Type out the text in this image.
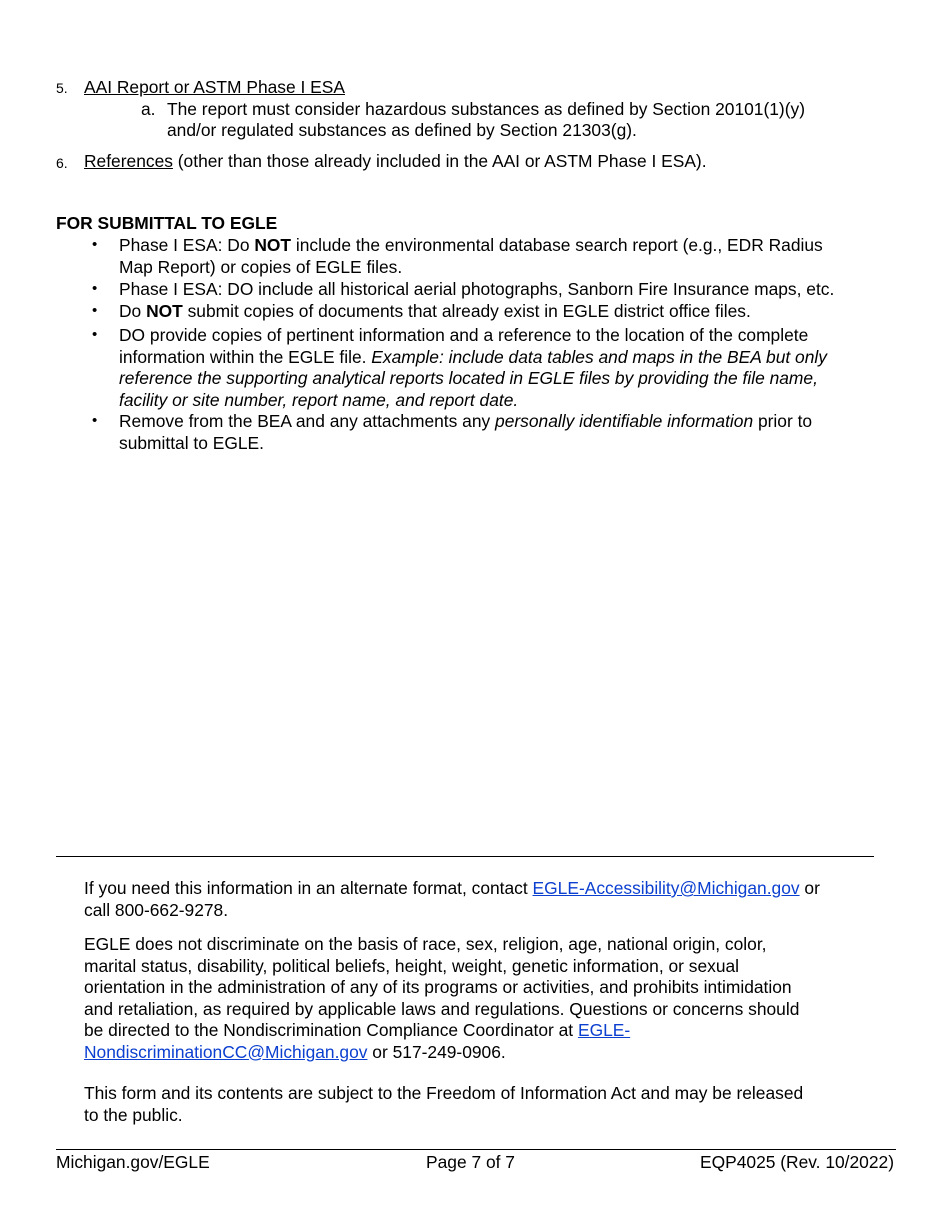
5. AAI Report or ASTM Phase I ESA
a. The report must consider hazardous substances as defined by Section 20101(1)(y)
and/or regulated substances as defined by Section 21303(g).
6. References (other than those already included in the AAI or ASTM Phase I ESA).
FOR SUBMITTAL TO EGLE
• Phase I ESA: Do NOT include the environmental database search report (e.g., EDR Radius
Map Report) or copies of EGLE files.
• Phase I ESA: DO include all historical aerial photographs, Sanborn Fire Insurance maps, etc.
• Do NOT submit copies of documents that already exist in EGLE district office files.
• DO provide copies of pertinent information and a reference to the location of the complete
information within the EGLE file. Example: include data tables and maps in the BEA but only
reference the supporting analytical reports located in EGLE files by providing the file name,
facility or site number, report name, and report date.
• Remove from the BEA and any attachments any personally identifiable information prior to
submittal to EGLE.
If you need this information in an alternate format, contact EGLE-Accessibility@Michigan.gov or
call 800-662-9278.
EGLE does not discriminate on the basis of race, sex, religion, age, national origin, color,
marital status, disability, political beliefs, height, weight, genetic information, or sexual
orientation in the administration of any of its programs or activities, and prohibits intimidation
and retaliation, as required by applicable laws and regulations. Questions or concerns should
be directed to the Nondiscrimination Compliance Coordinator at EGLE-
NondiscriminationCC@Michigan.gov or 517-249-0906.
This form and its contents are subject to the Freedom of Information Act and may be released
to the public.
Michigan.gov/EGLE	Page 7 of 7	EQP4025 (Rev. 10/2022)
